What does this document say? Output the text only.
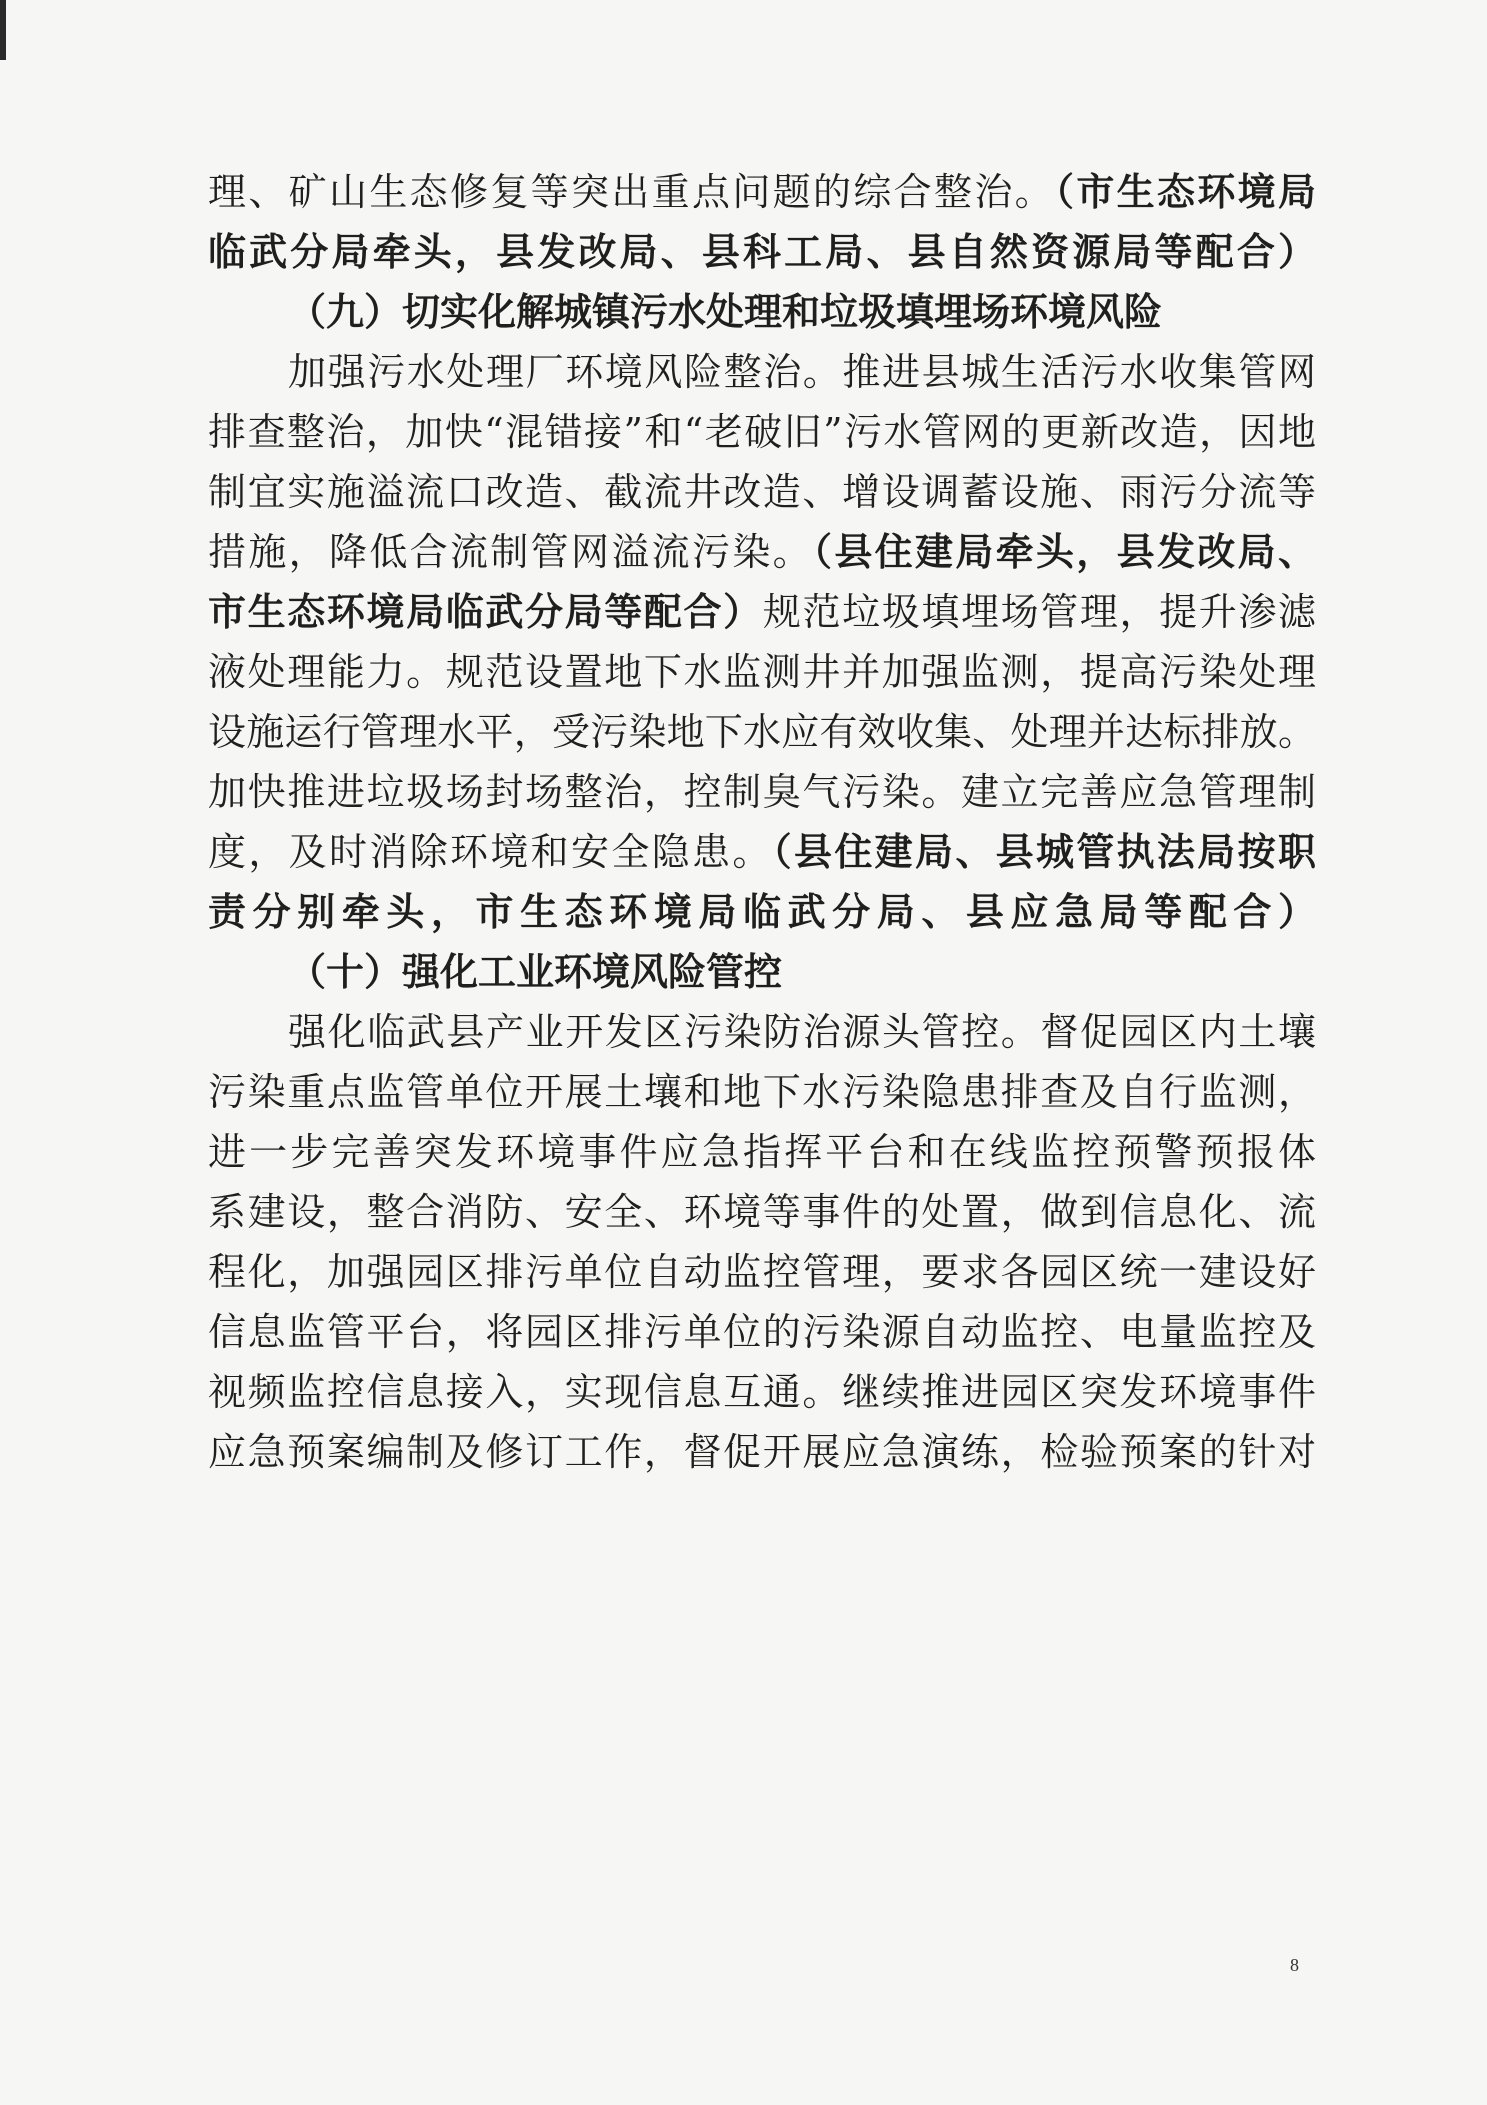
理、矿山生态修复等突出重点问题的综合整治。（市生态环境局
临武分局牵头，县发改局、县科工局、县自然资源局等配合）
（九）切实化解城镇污水处理和垃圾填埋场环境风险
加强污水处理厂环境风险整治。推进县城生活污水收集管网
排查整治，加快“混错接”和“老破旧”污水管网的更新改造，因地
制宜实施溢流口改造、截流井改造、增设调蓄设施、雨污分流等
措施，降低合流制管网溢流污染。（县住建局牵头，县发改局、
市生态环境局临武分局等配合）规范垃圾填埋场管理，提升渗滤
液处理能力。规范设置地下水监测井并加强监测，提高污染处理
设施运行管理水平，受污染地下水应有效收集、处理并达标排放。
加快推进垃圾场封场整治，控制臭气污染。建立完善应急管理制
度，及时消除环境和安全隐患。（县住建局、县城管执法局按职
责分别牵头，市生态环境局临武分局、县应急局等配合）
（十）强化工业环境风险管控
强化临武县产业开发区污染防治源头管控。督促园区内土壤
污染重点监管单位开展土壤和地下水污染隐患排查及自行监测，
进一步完善突发环境事件应急指挥平台和在线监控预警预报体
系建设，整合消防、安全、环境等事件的处置，做到信息化、流
程化，加强园区排污单位自动监控管理，要求各园区统一建设好
信息监管平台，将园区排污单位的污染源自动监控、电量监控及
视频监控信息接入，实现信息互通。继续推进园区突发环境事件
应急预案编制及修订工作，督促开展应急演练，检验预案的针对
8
